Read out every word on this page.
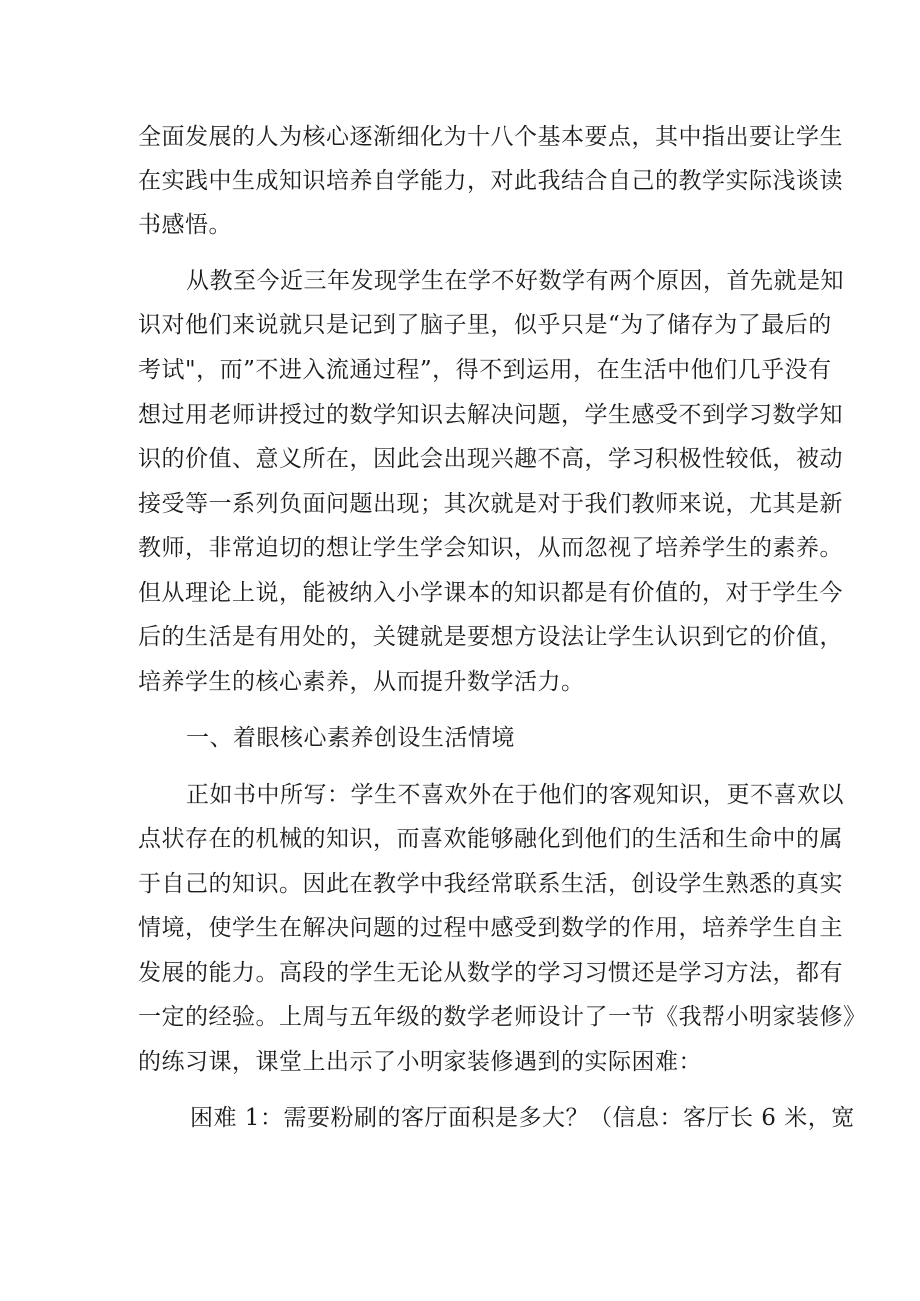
全面发展的人为核心逐渐细化为十八个基本要点，其中指出要让学生
在实践中生成知识培养自学能力，对此我结合自己的教学实际浅谈读
书感悟。
从教至今近三年发现学生在学不好数学有两个原因，首先就是知
识对他们来说就只是记到了脑子里，似乎只是“为了储存为了最后的
考试"，而”不进入流通过程”，得不到运用，在生活中他们几乎没有
想过用老师讲授过的数学知识去解决问题，学生感受不到学习数学知
识的价值、意义所在，因此会出现兴趣不高，学习积极性较低，被动
接受等一系列负面问题出现；其次就是对于我们教师来说，尤其是新
教师，非常迫切的想让学生学会知识，从而忽视了培养学生的素养。
但从理论上说，能被纳入小学课本的知识都是有价值的，对于学生今
后的生活是有用处的，关键就是要想方设法让学生认识到它的价值，
培养学生的核心素养，从而提升数学活力。
一、着眼核心素养创设生活情境
正如书中所写：学生不喜欢外在于他们的客观知识，更不喜欢以
点状存在的机械的知识，而喜欢能够融化到他们的生活和生命中的属
于自己的知识。因此在教学中我经常联系生活，创设学生熟悉的真实
情境，使学生在解决问题的过程中感受到数学的作用，培养学生自主
发展的能力。高段的学生无论从数学的学习习惯还是学习方法，都有
一定的经验。上周与五年级的数学老师设计了一节《我帮小明家装修》
的练习课，课堂上出示了小明家装修遇到的实际困难：
困难 1：需要粉刷的客厅面积是多大？（信息：客厅长 6 米，宽
